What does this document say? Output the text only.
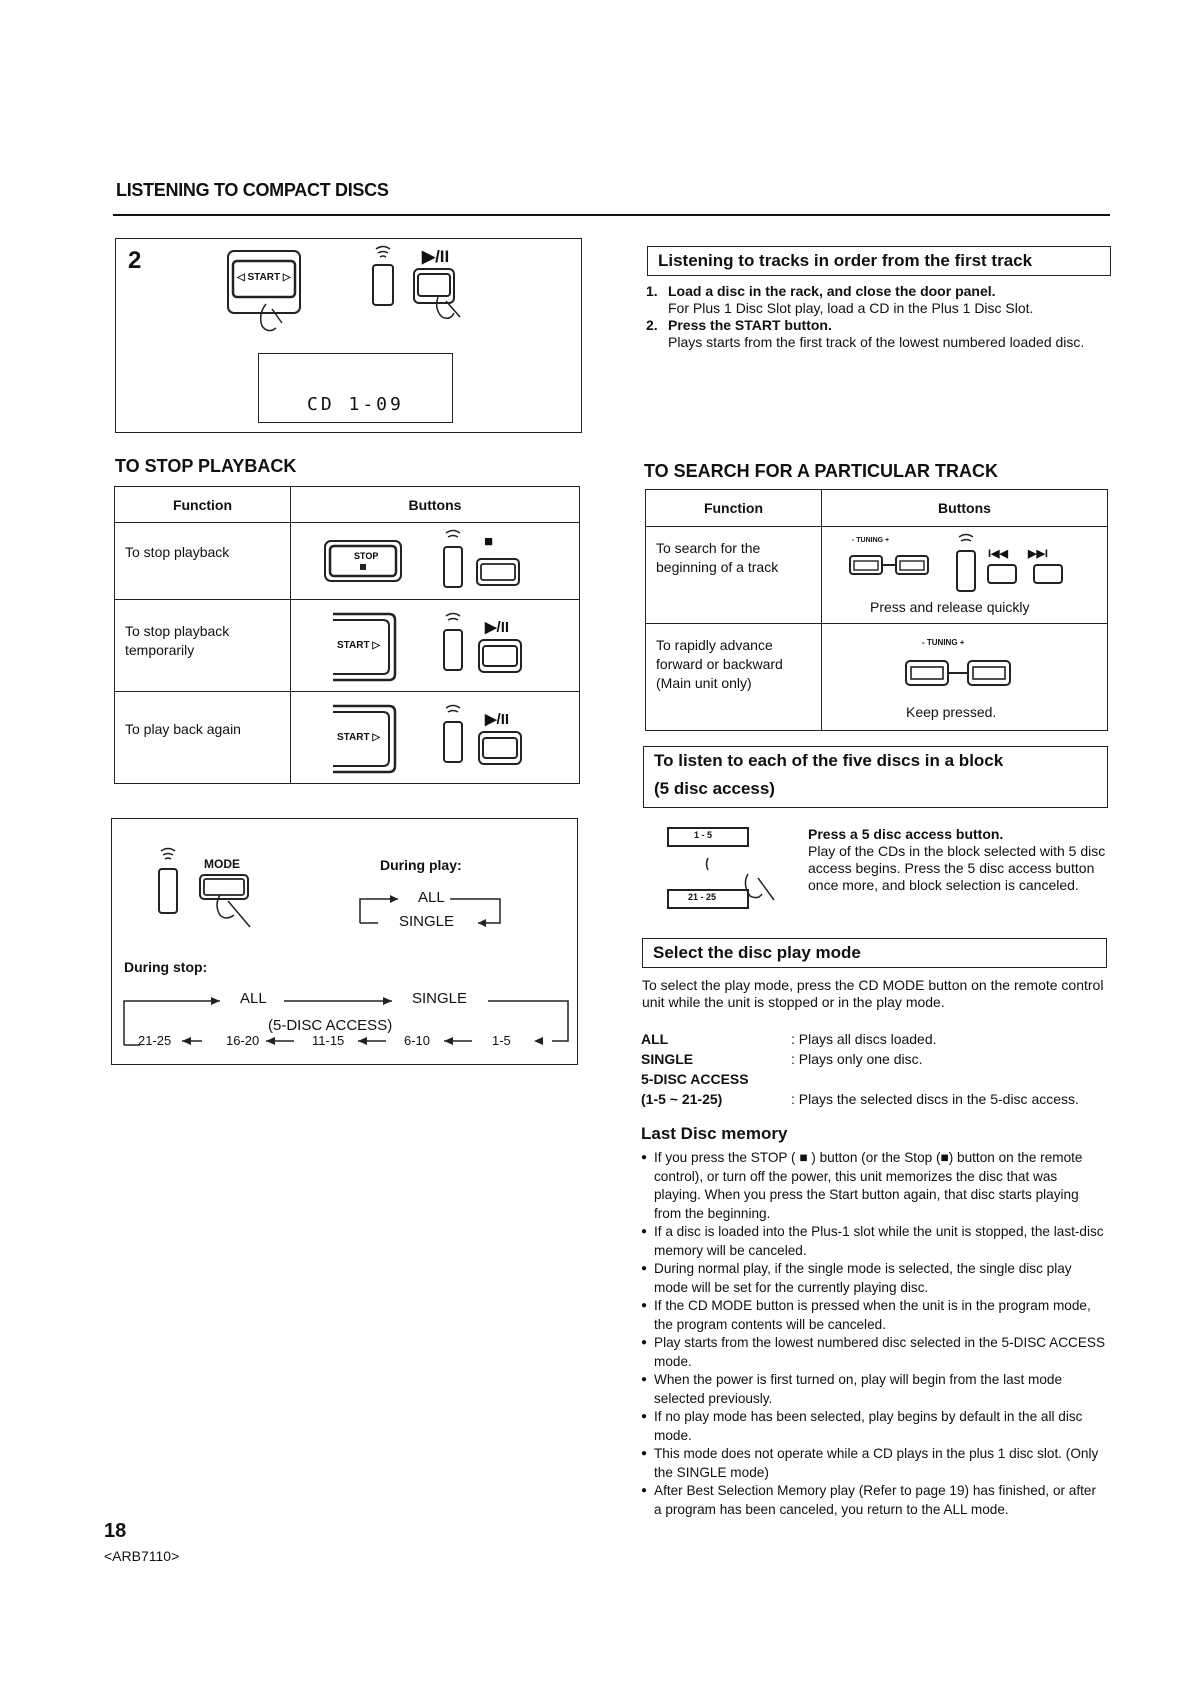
LISTENING TO COMPACT DISCS
2
◁ START ▷
▶/II
CD 1-09
TO STOP PLAYBACK
Function	Buttons
To stop playback	STOP
■

To stop playback temporarily	START ▷
▶/II

To play back again	START ▷
▶/II
MODE	During play:
ALL
SINGLE
During stop:
ALL	SINGLE
(5-DISC ACCESS)
21-25	16-20	11-15	6-10	1-5
18
<ARB7110>
Listening to tracks in order from the first track
1. Load a disc in the rack, and close the door panel.
For Plus 1 Disc Slot play, load a CD in the Plus 1 Disc Slot.
2. Press the START button.
Plays starts from the first track of the lowest numbered loaded disc.
TO SEARCH FOR A PARTICULAR TRACK
Function	Buttons
To search for the beginning of a track	- TUNING +
I◀◀ ▶▶I
Press and release quickly

To rapidly advance forward or backward (Main unit only)	- TUNING +
Keep pressed.
To listen to each of the five discs in a block
(5 disc access)
1 - 5
21 - 25
Press a 5 disc access button.
Play of the CDs in the block selected with 5 disc access begins. Press the 5 disc access button once more, and block selection is canceled.
Select the disc play mode
To select the play mode, press the CD MODE button on the remote control unit while the unit is stopped or in the play mode.
ALL	: Plays all discs loaded.
SINGLE	: Plays only one disc.
5-DISC ACCESS
(1-5 ~ 21-25)	: Plays the selected discs in the 5-disc access.
Last Disc memory
● If you press the STOP ( ■ ) button (or the Stop (■) button on the remote control), or turn off the power, this unit memorizes the disc that was playing. When you press the Start button again, that disc starts playing from the beginning.
● If a disc is loaded into the Plus-1 slot while the unit is stopped, the last-disc memory will be canceled.
● During normal play, if the single mode is selected, the single disc play mode will be set for the currently playing disc.
● If the CD MODE button is pressed when the unit is in the program mode, the program contents will be canceled.
● Play starts from the lowest numbered disc selected in the 5-DISC ACCESS mode.
● When the power is first turned on, play will begin from the last mode selected previously.
● If no play mode has been selected, play begins by default in the all disc mode.
● This mode does not operate while a CD plays in the plus 1 disc slot. (Only the SINGLE mode)
● After Best Selection Memory play (Refer to page 19) has finished, or after a program has been canceled, you return to the ALL mode.
